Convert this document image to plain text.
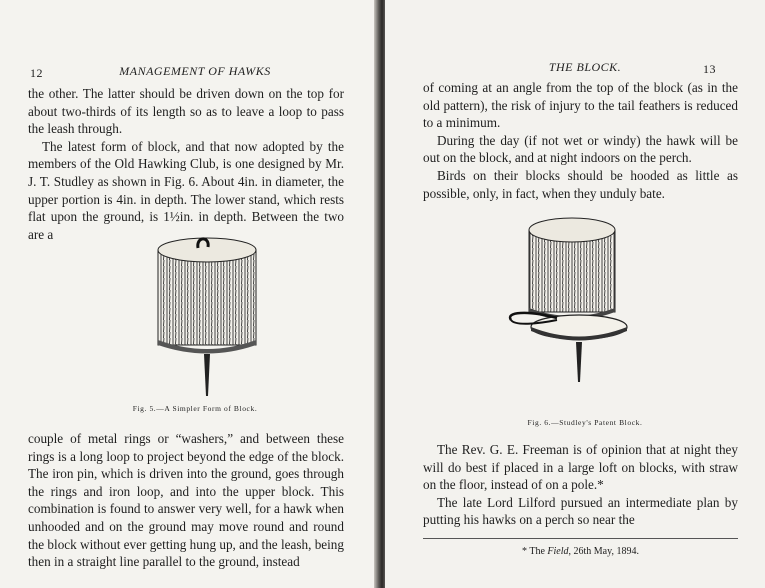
12	MANAGEMENT OF HAWKS

the other. The latter should be driven down on the top for about two-thirds of its length so as to leave a loop to pass the leash through.

The latest form of block, and that now adopted by the members of the Old Hawking Club, is one designed by Mr. J. T. Studley as shown in Fig. 6. About 4in. in diameter, the upper portion is 4in. in depth. The lower stand, which rests flat upon the ground, is 1½in. in depth. Between the two are a

Fig. 5.—A Simpler Form of Block.

couple of metal rings or “washers,” and between these rings is a long loop to project beyond the edge of the block. The iron pin, which is driven into the ground, goes through the rings and iron loop, and into the upper block. This combination is found to answer very well, for a hawk when unhooded and on the ground may move round and round the block without ever getting hung up, and the leash, being then in a straight line parallel to the ground, instead

THE BLOCK.	13

of coming at an angle from the top of the block (as in the old pattern), the risk of injury to the tail feathers is reduced to a minimum.

During the day (if not wet or windy) the hawk will be out on the block, and at night indoors on the perch.

Birds on their blocks should be hooded as little as possible, only, in fact, when they unduly bate.

Fig. 6.—Studley's Patent Block.

The Rev. G. E. Freeman is of opinion that at night they will do best if placed in a large loft on blocks, with straw on the floor, instead of on a pole.*

The late Lord Lilford pursued an intermediate plan by putting his hawks on a perch so near the

* The Field, 26th May, 1894.
